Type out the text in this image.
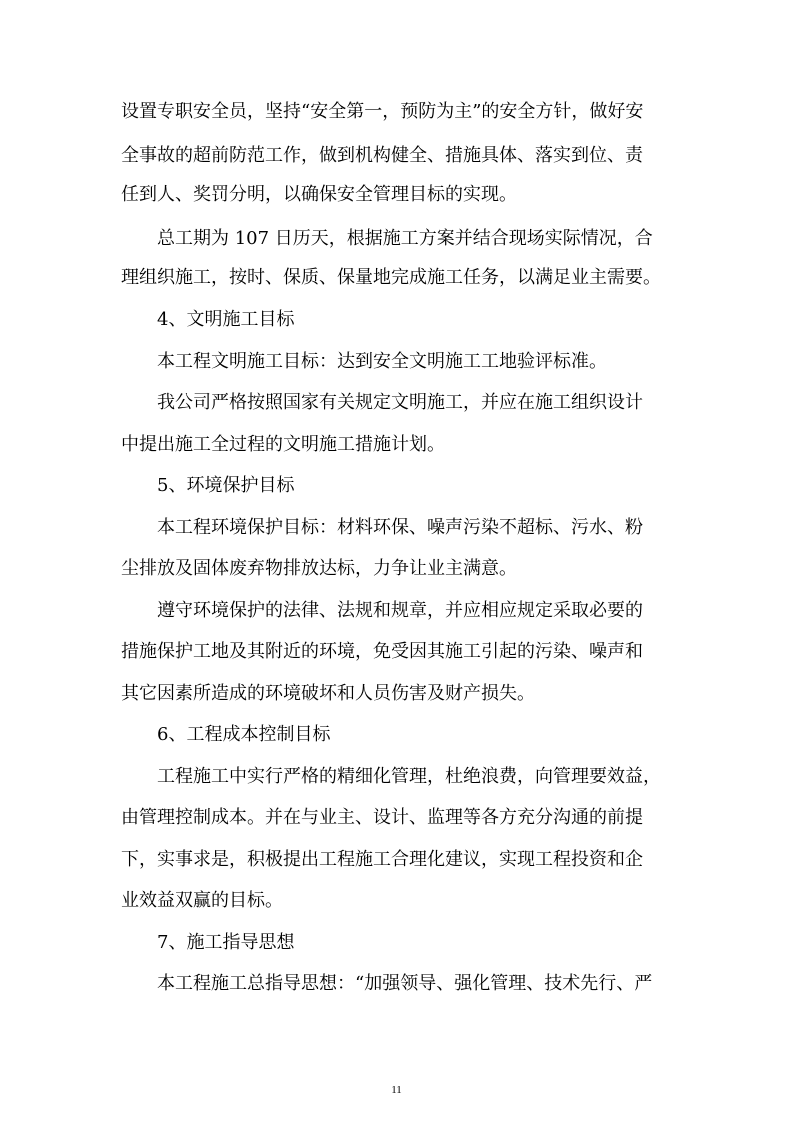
设置专职安全员，坚持“安全第一，预防为主”的安全方针，做好安
全事故的超前防范工作，做到机构健全、措施具体、落实到位、责
任到人、奖罚分明，以确保安全管理目标的实现。
总工期为 107 日历天，根据施工方案并结合现场实际情况，合
理组织施工，按时、保质、保量地完成施工任务，以满足业主需要。
4、文明施工目标
本工程文明施工目标：达到安全文明施工工地验评标准。
我公司严格按照国家有关规定文明施工，并应在施工组织设计
中提出施工全过程的文明施工措施计划。
5、环境保护目标
本工程环境保护目标：材料环保、噪声污染不超标、污水、粉
尘排放及固体废弃物排放达标，力争让业主满意。
遵守环境保护的法律、法规和规章，并应相应规定采取必要的
措施保护工地及其附近的环境，免受因其施工引起的污染、噪声和
其它因素所造成的环境破坏和人员伤害及财产损失。
6、工程成本控制目标
工程施工中实行严格的精细化管理，杜绝浪费，向管理要效益，
由管理控制成本。并在与业主、设计、监理等各方充分沟通的前提
下，实事求是，积极提出工程施工合理化建议，实现工程投资和企
业效益双赢的目标。
7、施工指导思想
本工程施工总指导思想：“加强领导、强化管理、技术先行、严
11
